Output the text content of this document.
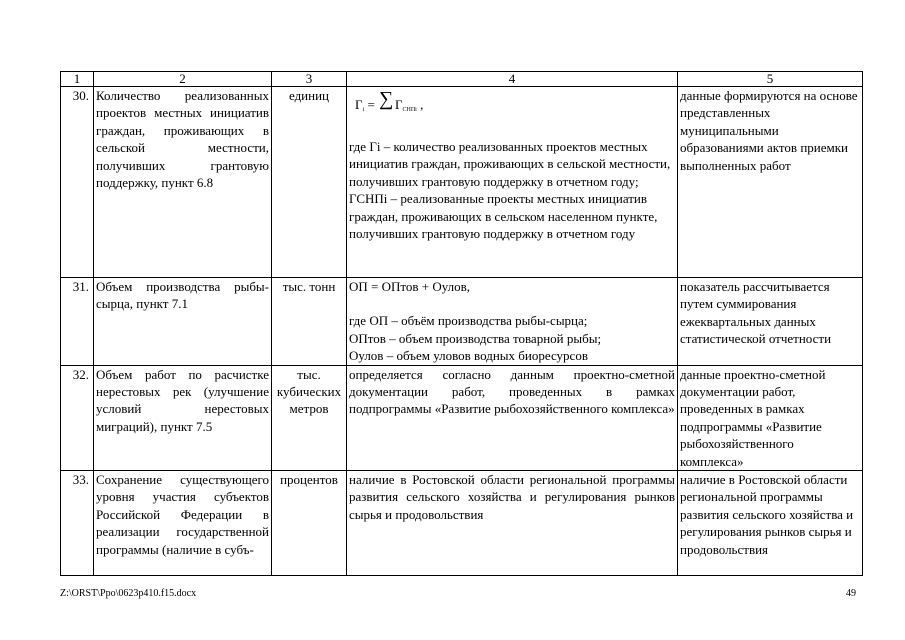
1	2	3	4	5
30.	Количество реализованных проектов местных инициатив граждан, проживающих в сельской местности, получивших грантовую поддержку, пункт 6.8	единиц	Гi = ∑ ГСНПi ,

где Гi – количество реализованных проектов местных инициатив граждан, проживающих в сельской местности, получивших грантовую поддержку в отчетном году;

ГСНПi – реализованные проекты местных инициатив граждан, проживающих в сельском населенном пункте, получивших грантовую поддержку в отчетном году	данные формируются на основе представленных муниципальными образованиями актов приемки выполненных работ
31.	Объем производства рыбы-сырца, пункт 7.1	тыс. тонн	ОП = ОПтов + Оулов,

где ОП – объём производства рыбы-сырца;

ОПтов – объем производства товарной рыбы;

Оулов – объем уловов водных биоресурсов	показатель рассчитывается путем суммирования ежеквартальных данных статистической отчетности
32.	Объем работ по расчистке нерестовых рек (улучшение условий нерестовых миграций), пункт 7.5	тыс. кубических метров	определяется согласно данным проектно-сметной документации работ, проведенных в рамках подпрограммы «Развитие рыбохозяйственного комплекса»	данные проектно-сметной документации работ, проведенных в рамках подпрограммы «Развитие рыбохозяйственного комплекса»
33.	Сохранение существующего уровня участия субъектов Российской Федерации в реализации государственной программы (наличие в субъ-	процентов	наличие в Ростовской области региональной программы развития сельского хозяйства и регулирования рынков сырья и продовольствия	наличие в Ростовской области региональной программы развития сельского хозяйства и регулирования рынков сырья и продовольствия
Z:\ORST\Ppo\0623p410.f15.docx	49
